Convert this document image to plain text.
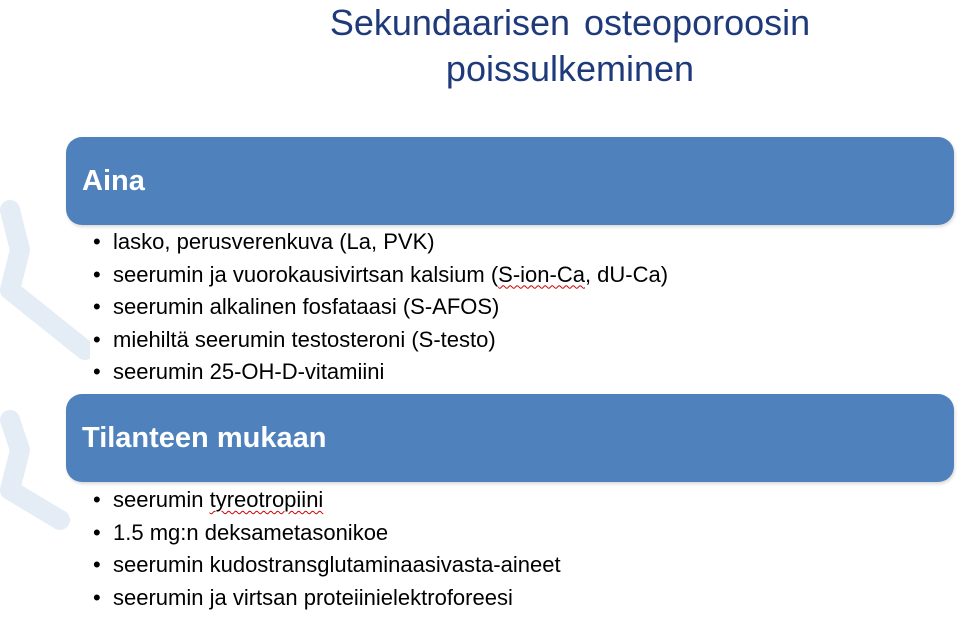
Sekundaarisen osteoporoosin
poissulkeminen
Aina
• lasko, perusverenkuva (La, PVK)
• seerumin ja vuorokausivirtsan kalsium (S-ion-Ca, dU-Ca)
• seerumin alkalinen fosfataasi (S-AFOS)
• miehiltä seerumin testosteroni (S-testo)
• seerumin 25-OH-D-vitamiini
Tilanteen mukaan
• seerumin tyreotropiini
• 1.5 mg:n deksametasonikoe
• seerumin kudostransglutaminaasivasta-aineet
• seerumin ja virtsan proteiinielektroforeesi
